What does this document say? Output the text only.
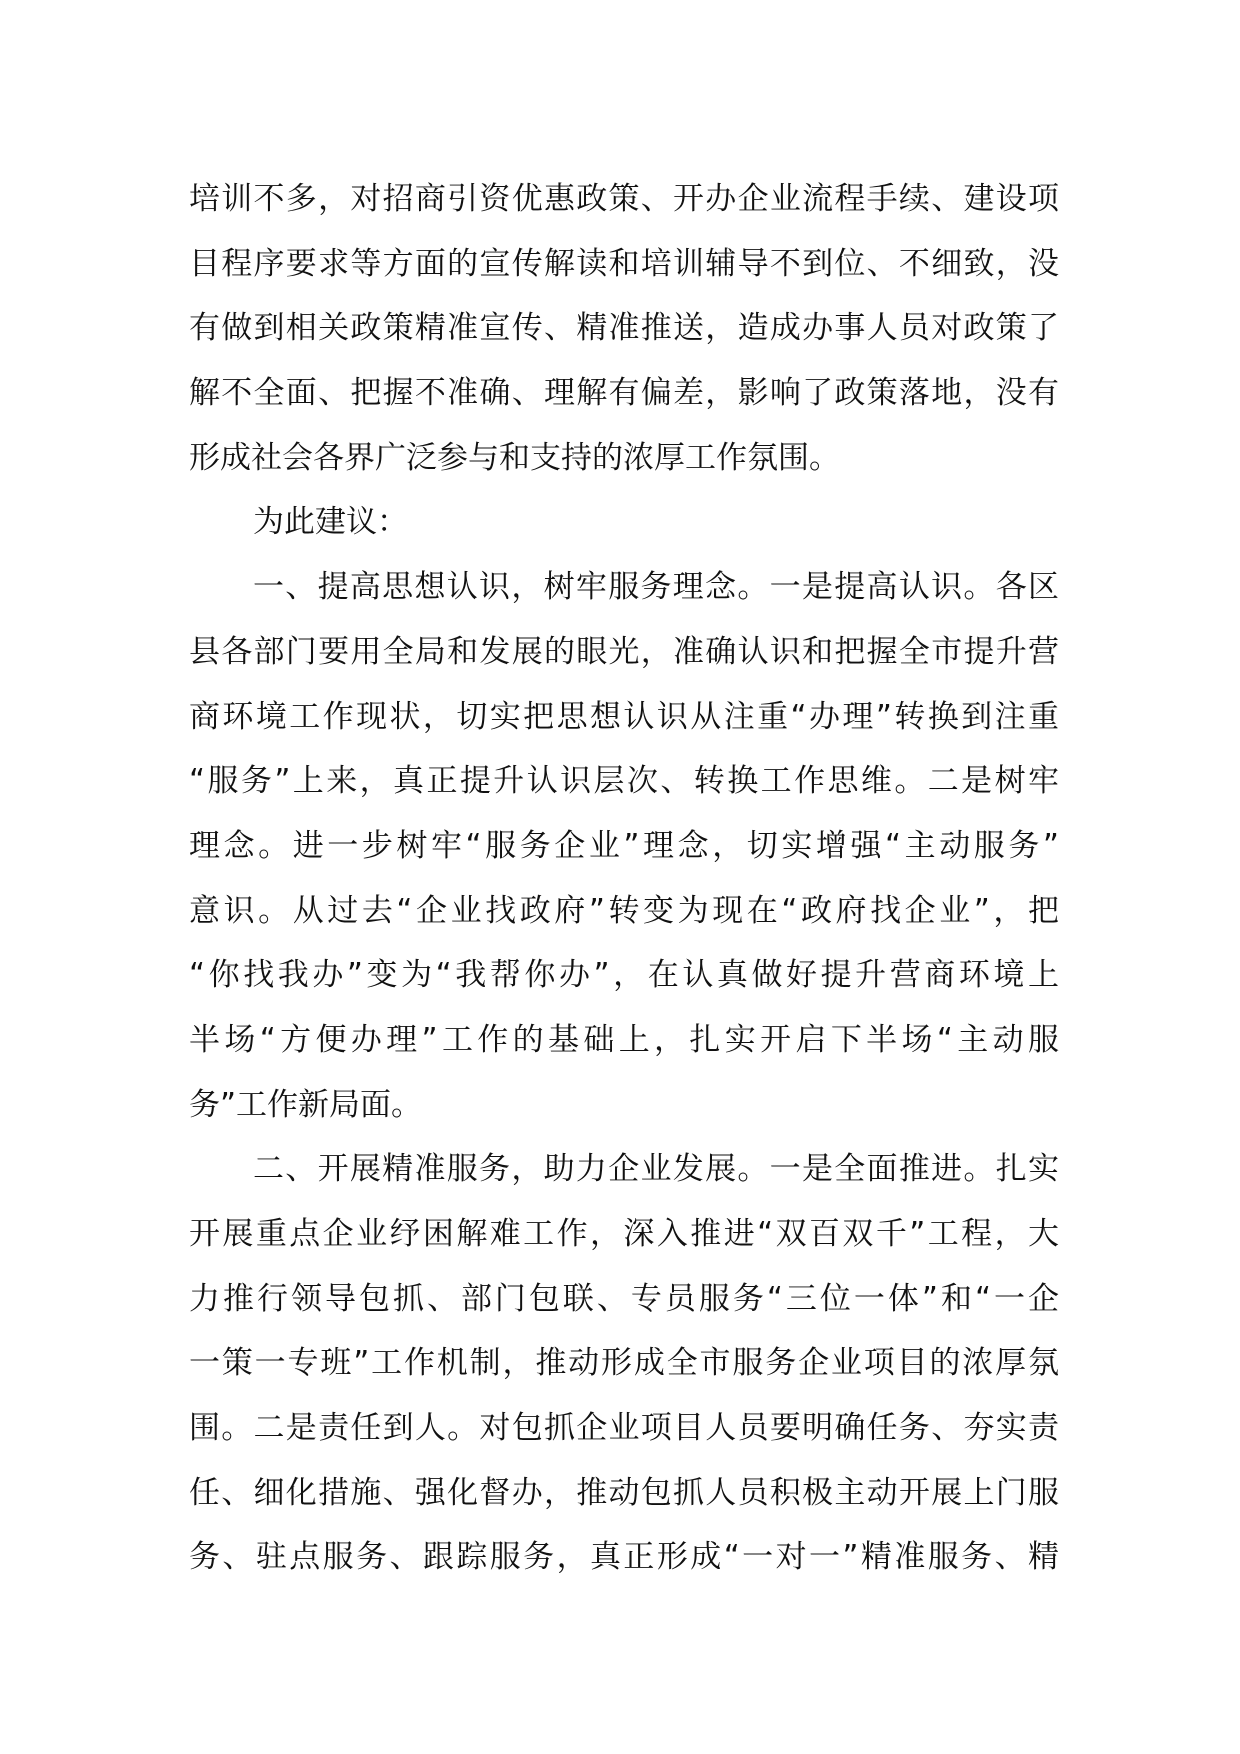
培训不多，对招商引资优惠政策、开办企业流程手续、建设项
目程序要求等方面的宣传解读和培训辅导不到位、不细致，没
有做到相关政策精准宣传、精准推送，造成办事人员对政策了
解不全面、把握不准确、理解有偏差，影响了政策落地，没有
形成社会各界广泛参与和支持的浓厚工作氛围。
为此建议：
一、提高思想认识，树牢服务理念。一是提高认识。各区
县各部门要用全局和发展的眼光，准确认识和把握全市提升营
商环境工作现状，切实把思想认识从注重“办理”转换到注重
“服务”上来，真正提升认识层次、转换工作思维。二是树牢
理念。进一步树牢“服务企业”理念，切实增强“主动服务”
意识。从过去“企业找政府”转变为现在“政府找企业”，把
“你找我办”变为“我帮你办”，在认真做好提升营商环境上
半场“方便办理”工作的基础上，扎实开启下半场“主动服
务”工作新局面。
二、开展精准服务，助力企业发展。一是全面推进。扎实
开展重点企业纾困解难工作，深入推进“双百双千”工程，大
力推行领导包抓、部门包联、专员服务“三位一体”和“一企
一策一专班”工作机制，推动形成全市服务企业项目的浓厚氛
围。二是责任到人。对包抓企业项目人员要明确任务、夯实责
任、细化措施、强化督办，推动包抓人员积极主动开展上门服
务、驻点服务、跟踪服务，真正形成“一对一”精准服务、精
